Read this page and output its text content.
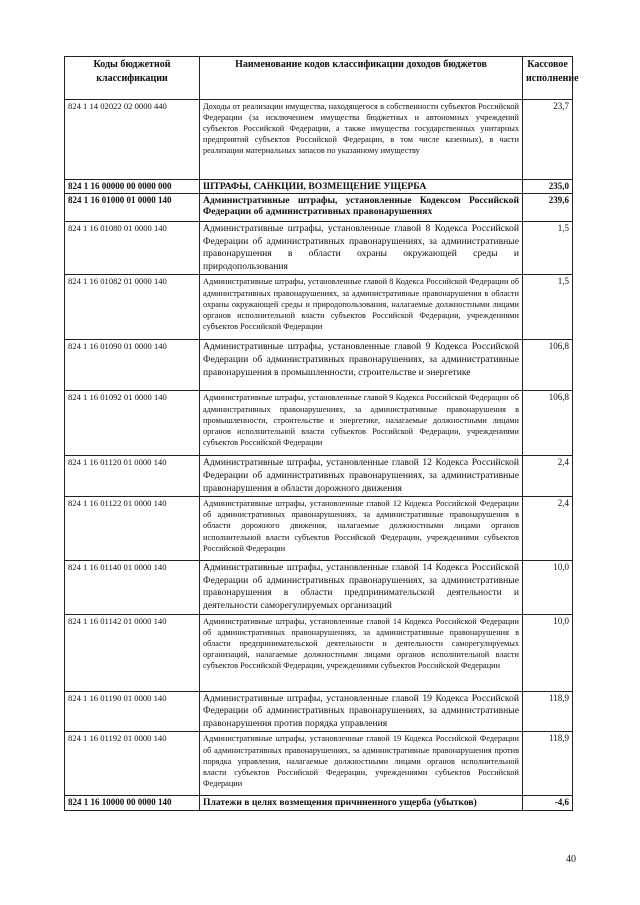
Коды бюджетной классификации	Наименование кодов классификации доходов бюджетов	Кассовое исполнение
824 1 14 02022 02 0000 440	Доходы от реализации имущества, находящегося в собственности субъектов Российской Федерации (за исключением имущества бюджетных и автономных учреждений субъектов Российской Федерации, а также имущества государственных унитарных предприятий субъектов Российской Федерации, в том числе казенных), в части реализации материальных запасов по указанному имуществу	23,7
824 1 16 00000 00 0000 000	ШТРАФЫ, САНКЦИИ, ВОЗМЕЩЕНИЕ УЩЕРБА	235,0
824 1 16 01000 01 0000 140	Административные штрафы, установленные Кодексом Российской Федерации об административных правонарушениях	239,6
824 1 16 01080 01 0000 140	Административные штрафы, установленные главой 8 Кодекса Российской Федерации об административных правонарушениях, за административные правонарушения в области охраны окружающей среды и природопользования	1,5
824 1 16 01082 01 0000 140	Административные штрафы, установленные главой 8 Кодекса Российской Федерации об административных правонарушениях, за административные правонарушения в области охраны окружающей среды и природопользования, налагаемые должностными лицами органов исполнительной власти субъектов Российской Федерации, учреждениями субъектов Российской Федерации	1,5
824 1 16 01090 01 0000 140	Административные штрафы, установленные главой 9 Кодекса Российской Федерации об административных правонарушениях, за административные правонарушения в промышленности, строительстве и энергетике	106,8
824 1 16 01092 01 0000 140	Административные штрафы, установленные главой 9 Кодекса Российской Федерации об административных правонарушениях, за административные правонарушения в промышленности, строительстве и энергетике, налагаемые должностными лицами органов исполнительной власти субъектов Российской Федерации, учреждениями субъектов Российской Федерации	106,8
824 1 16 01120 01 0000 140	Административные штрафы, установленные главой 12 Кодекса Российской Федерации об административных правонарушениях, за административные правонарушения в области дорожного движения	2,4
824 1 16 01122 01 0000 140	Административные штрафы, установленные главой 12 Кодекса Российской Федерации об административных правонарушениях, за административные правонарушения в области дорожного движения, налагаемые должностными лицами органов исполнительной власти субъектов Российской Федерации, учреждениями субъектов Российской Федерации	2,4
824 1 16 01140 01 0000 140	Административные штрафы, установленные главой 14 Кодекса Российской Федерации об административных правонарушениях, за административные правонарушения в области предпринимательской деятельности и деятельности саморегулируемых организаций	10,0
824 1 16 01142 01 0000 140	Административные штрафы, установленные главой 14 Кодекса Российской Федерации об административных правонарушениях, за административные правонарушения в области предпринимательской деятельности и деятельности саморегулируемых организаций, налагаемые должностными лицами органов исполнительной власти субъектов Российской Федерации, учреждениями субъектов Российской Федерации	10,0
824 1 16 01190 01 0000 140	Административные штрафы, установленные главой 19 Кодекса Российской Федерации об административных правонарушениях, за административные правонарушения против порядка управления	118,9
824 1 16 01192 01 0000 140	Административные штрафы, установленные главой 19 Кодекса Российской Федерации об административных правонарушениях, за административные правонарушения против порядка управления, налагаемые должностными лицами органов исполнительной власти субъектов Российской Федерации, учреждениями субъектов Российской Федерации	118,9
824 1 16 10000 00 0000 140	Платежи в целях возмещения причиненного ущерба (убытков)	-4,6
40
